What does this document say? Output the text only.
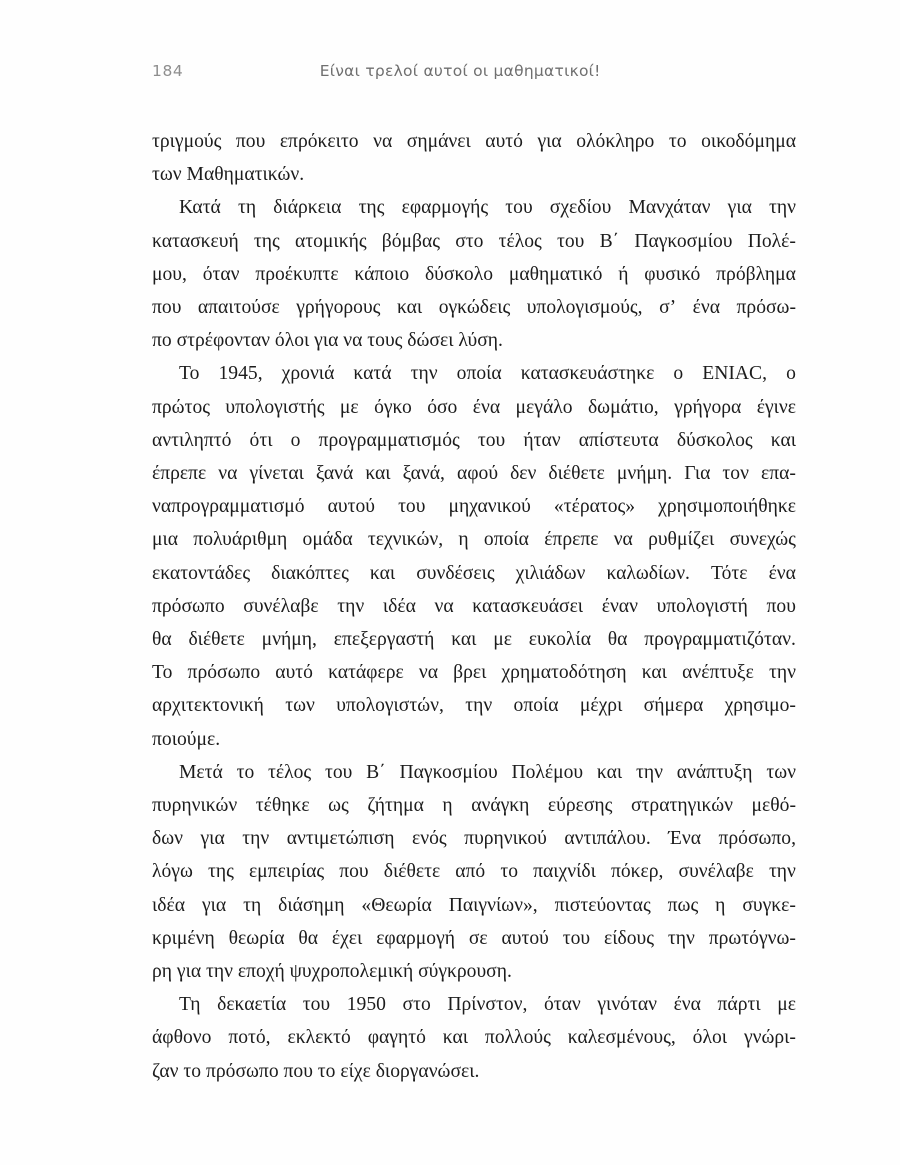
184	Είναι τρελοί αυτοί οι μαθηματικοί!

τριγμούς που επρόκειτο να σημάνει αυτό για ολόκληρο το οικοδόμημα
των Μαθηματικών.

Κατά τη διάρκεια της εφαρμογής του σχεδίου Μανχάταν για την
κατασκευή της ατομικής βόμβας στο τέλος του Β΄ Παγκοσμίου Πολέ-
μου, όταν προέκυπτε κάποιο δύσκολο μαθηματικό ή φυσικό πρόβλημα
που απαιτούσε γρήγορους και ογκώδεις υπολογισμούς, σ’ ένα πρόσω-
πο στρέφονταν όλοι για να τους δώσει λύση.

Το 1945, χρονιά κατά την οποία κατασκευάστηκε ο ENIAC, ο
πρώτος υπολογιστής με όγκο όσο ένα μεγάλο δωμάτιο, γρήγορα έγινε
αντιληπτό ότι ο προγραμματισμός του ήταν απίστευτα δύσκολος και
έπρεπε να γίνεται ξανά και ξανά, αφού δεν διέθετε μνήμη. Για τον επα-
ναπρογραμματισμό αυτού του μηχανικού «τέρατος» χρησιμοποιήθηκε
μια πολυάριθμη ομάδα τεχνικών, η οποία έπρεπε να ρυθμίζει συνεχώς
εκατοντάδες διακόπτες και συνδέσεις χιλιάδων καλωδίων. Τότε ένα
πρόσωπο συνέλαβε την ιδέα να κατασκευάσει έναν υπολογιστή που
θα διέθετε μνήμη, επεξεργαστή και με ευκολία θα προγραμματιζόταν.
Το πρόσωπο αυτό κατάφερε να βρει χρηματοδότηση και ανέπτυξε την
αρχιτεκτονική των υπολογιστών, την οποία μέχρι σήμερα χρησιμο-
ποιούμε.

Μετά το τέλος του Β΄ Παγκοσμίου Πολέμου και την ανάπτυξη των
πυρηνικών τέθηκε ως ζήτημα η ανάγκη εύρεσης στρατηγικών μεθό-
δων για την αντιμετώπιση ενός πυρηνικού αντιπάλου. Ένα πρόσωπο,
λόγω της εμπειρίας που διέθετε από το παιχνίδι πόκερ, συνέλαβε την
ιδέα για τη διάσημη «Θεωρία Παιγνίων», πιστεύοντας πως η συγκε-
κριμένη θεωρία θα έχει εφαρμογή σε αυτού του είδους την πρωτόγνω-
ρη για την εποχή ψυχροπολεμική σύγκρουση.

Τη δεκαετία του 1950 στο Πρίνστον, όταν γινόταν ένα πάρτι με
άφθονο ποτό, εκλεκτό φαγητό και πολλούς καλεσμένους, όλοι γνώρι-
ζαν το πρόσωπο που το είχε διοργανώσει.
